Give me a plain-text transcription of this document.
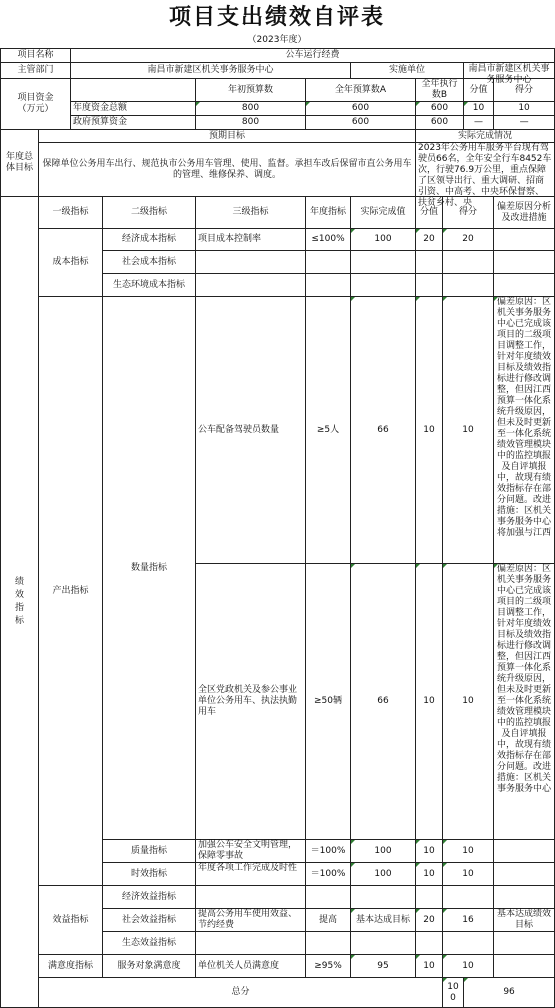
项目支出绩效自评表
（2023年度）
项目名称		公车运行经费									
主管部门		南昌市新建区机关事务服务中心				实施单位			南昌市新建区机关事务服务中心		

项目资金
（万元）				年初预算数	全年预算数A		全年执行数B		分值	得分	
		年度资金总额		800	600		600		10	10	
		政府预算资金		800	600		600		—	—	
年度总体目标	预期目标						实际完成情况				
	保障单位公务用车出行、规范执市公务用车管理、使用、监督。承担车改后保留市直公务用车的管理、维修保养、调度。						2023年公务用车服务平台现有驾驶员66名，全年安全行车8452车次，行驶76.9万公里，重点保障了区领导出行、重大调研、招商引资、中高考、中央环保督察、扶贫乡村、央				

绩效指标	一级指标		二级指标	三级指标	年度指标	实际完成值	分值	得分		偏差原因分析及改进措施	
	成本指标		经济成本指标	项目成本控制率	≤100%	100	20	20			
			社会成本指标								
			生态环境成本指标								
	产出指标		数量指标	公车配备驾驶员数量	≥5人	66	10	10		偏差原因：区机关事务服务中心已完成该项目的二级项目调整工作，针对年度绩效目标及绩效指标进行修改调整，但因江西预算一体化系统升级原因，但未及时更新至一体化系统绩效管理模块中的监控填报及自评填报中，故现有绩效指标存在部分问题。改进措施：区机关事务服务中心将加强与江西	

				全区党政机关及参公事业单位公务用车、执法执勤用车	≥50辆	66	10	10		偏差原因：区机关事务服务中心已完成该项目的二级项目调整工作，针对年度绩效目标及绩效指标进行修改调整，但因江西预算一体化系统升级原因，但未及时更新至一体化系统绩效管理模块中的监控填报及自评填报中，故现有绩效指标存在部分问题。改进措施：区机关事务服务中心	

			质量指标	加强公车安全文明管理，保障零事故	＝100%	100	10	10			
			时效指标	年度各项工作完成及时性	＝100%	100	10	10			
	效益指标		经济效益指标								
			社会效益指标	提高公务用车使用效益、节约经费	提高	基本达成目标	20	16		基本达成绩效目标	
			生态效益指标								
	满意度指标		服务对象满意度	单位机关人员满意度	≥95%	95	10	10			
	总分							100	96		
